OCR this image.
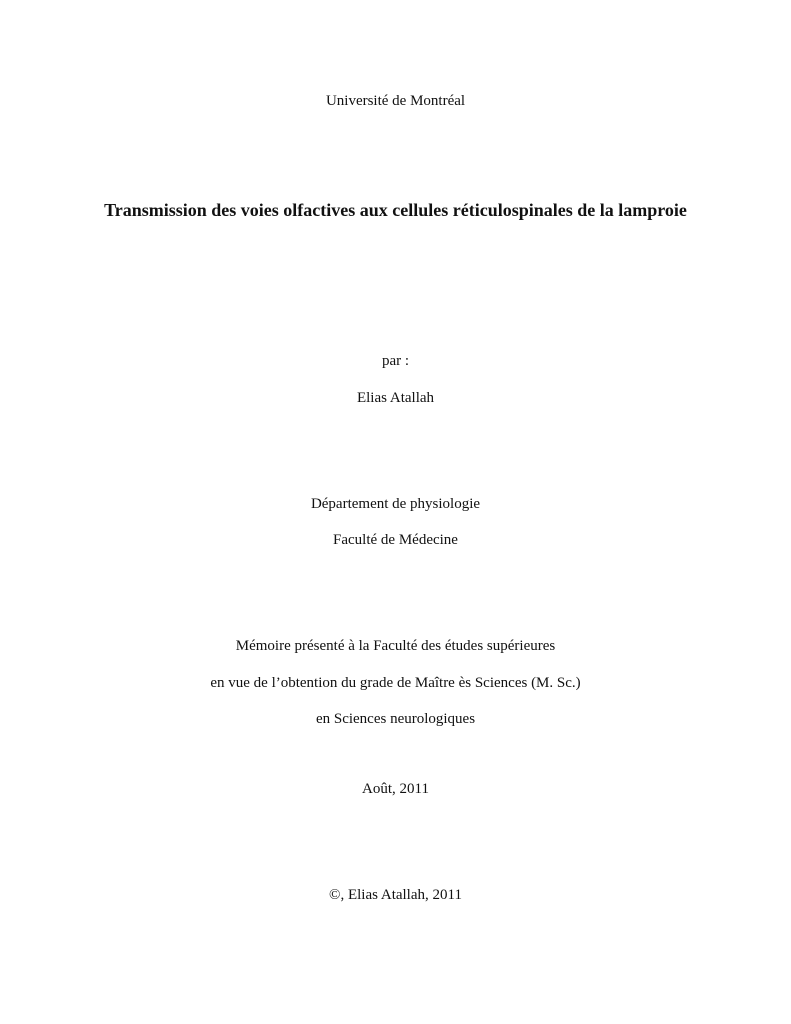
Université de Montréal
Transmission des voies olfactives aux cellules réticulospinales de la lamproie
par :
Elias Atallah
Département de physiologie
Faculté de Médecine
Mémoire présenté à la Faculté des études supérieures
en vue de l’obtention du grade de Maître ès Sciences (M. Sc.)
en Sciences neurologiques
Août, 2011
©, Elias Atallah, 2011
